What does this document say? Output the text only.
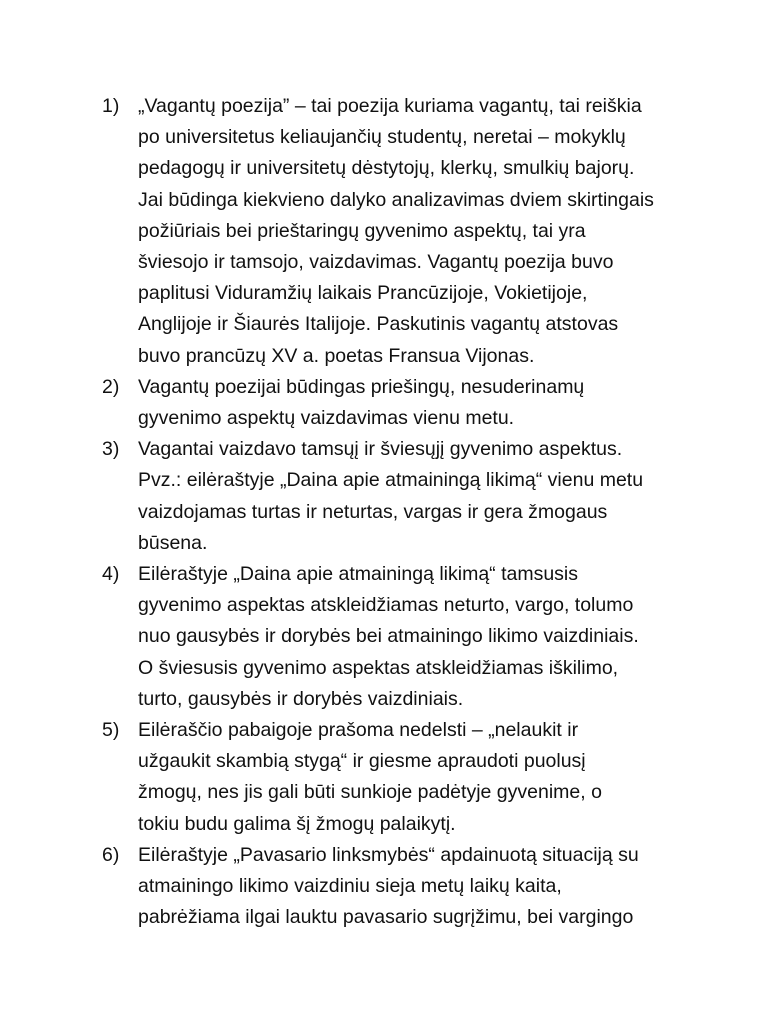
1) „Vagantų poezija” – tai poezija kuriama vagantų, tai reiškia
po universitetus keliaujančių studentų, neretai – mokyklų
pedagogų ir universitetų dėstytojų, klerkų, smulkių bajorų.
Jai būdinga kiekvieno dalyko analizavimas dviem skirtingais
požiūriais bei prieštaringų gyvenimo aspektų, tai yra
šviesojo ir tamsojo, vaizdavimas. Vagantų poezija buvo
paplitusi Viduramžių laikais Prancūzijoje, Vokietijoje,
Anglijoje ir Šiaurės Italijoje. Paskutinis vagantų atstovas
buvo prancūzų XV a. poetas Fransua Vijonas.
2) Vagantų poezijai būdingas priešingų, nesuderinamų
gyvenimo aspektų vaizdavimas vienu metu.
3) Vagantai vaizdavo tamsųį ir šviesųjį gyvenimo aspektus.
Pvz.: eilėraštyje „Daina apie atmainingą likimą“ vienu metu
vaizdojamas turtas ir neturtas, vargas ir gera žmogaus
būsena.
4) Eilėraštyje „Daina apie atmainingą likimą“ tamsusis
gyvenimo aspektas atskleidžiamas neturto, vargo, tolumo
nuo gausybės ir dorybės bei atmainingo likimo vaizdiniais.
O šviesusis gyvenimo aspektas atskleidžiamas iškilimo,
turto, gausybės ir dorybės vaizdiniais.
5) Eilėraščio pabaigoje prašoma nedelsti – „nelaukit ir
užgaukit skambią stygą“ ir giesme apraudoti puolusį
žmogų, nes jis gali būti sunkioje padėtyje gyvenime, o
tokiu budu galima šį žmogų palaikytį.
6) Eilėraštyje „Pavasario linksmybės“ apdainuotą situaciją su
atmainingo likimo vaizdiniu sieja metų laikų kaita,
pabrėžiama ilgai lauktu pavasario sugrįžimu, bei vargingo
